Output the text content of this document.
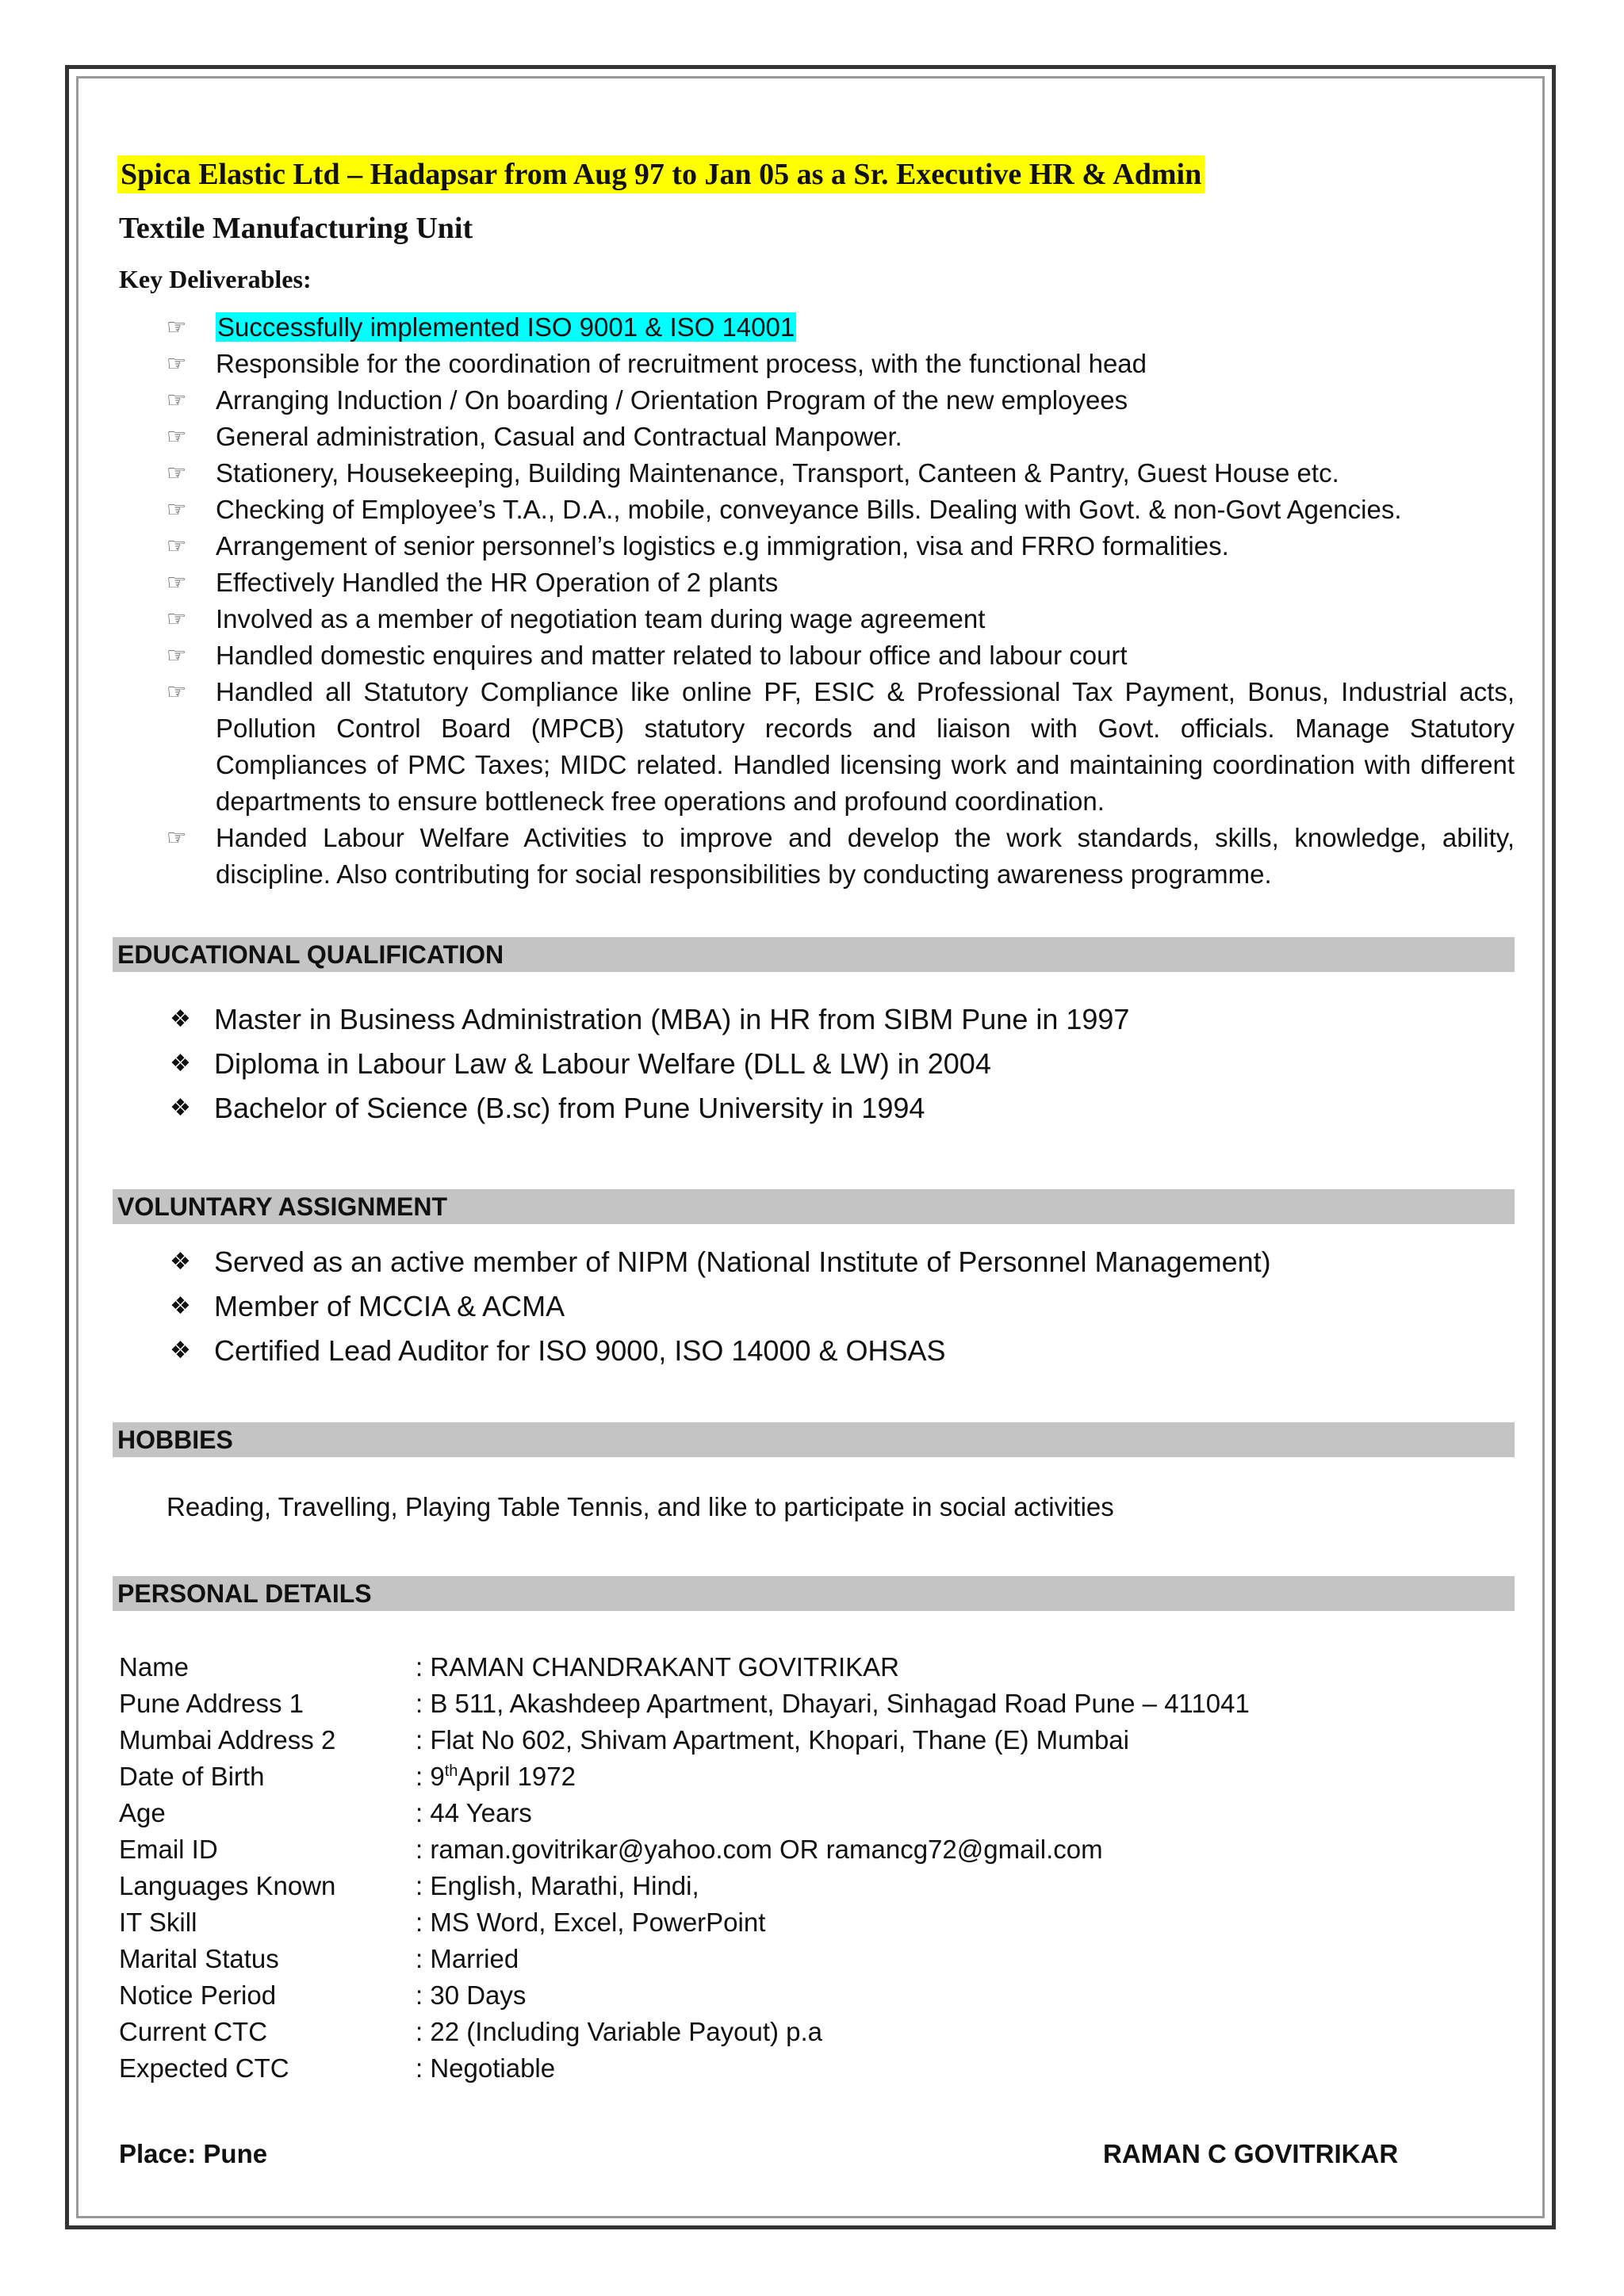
Spica Elastic Ltd – Hadapsar from Aug 97 to Jan 05 as a Sr. Executive HR & Admin
Textile Manufacturing Unit
Key Deliverables:
☞ Successfully implemented ISO 9001 & ISO 14001
☞ Responsible for the coordination of recruitment process, with the functional head
☞ Arranging Induction / On boarding / Orientation Program of the new employees
☞ General administration, Casual and Contractual Manpower.
☞ Stationery, Housekeeping, Building Maintenance, Transport, Canteen & Pantry, Guest House etc.
☞ Checking of Employee’s T.A., D.A., mobile, conveyance Bills. Dealing with Govt. & non-Govt Agencies.
☞ Arrangement of senior personnel’s logistics e.g immigration, visa and FRRO formalities.
☞ Effectively Handled the HR Operation of 2 plants
☞ Involved as a member of negotiation team during wage agreement
☞ Handled domestic enquires and matter related to labour office and labour court
☞ Handled all Statutory Compliance like online PF, ESIC & Professional Tax Payment, Bonus, Industrial acts, Pollution Control Board (MPCB) statutory records and liaison with Govt. officials. Manage Statutory Compliances of PMC Taxes; MIDC related. Handled licensing work and maintaining coordination with different departments to ensure bottleneck free operations and profound coordination.
☞ Handed Labour Welfare Activities to improve and develop the work standards, skills, knowledge, ability, discipline. Also contributing for social responsibilities by conducting awareness programme.
EDUCATIONAL QUALIFICATION
❖ Master in Business Administration (MBA) in HR from SIBM Pune in 1997
❖ Diploma in Labour Law & Labour Welfare (DLL & LW) in 2004
❖ Bachelor of Science (B.sc) from Pune University in 1994
VOLUNTARY ASSIGNMENT
❖ Served as an active member of NIPM (National Institute of Personnel Management)
❖ Member of MCCIA & ACMA
❖ Certified Lead Auditor for ISO 9000, ISO 14000 & OHSAS
HOBBIES
Reading, Travelling, Playing Table Tennis, and like to participate in social activities
PERSONAL DETAILS
Name	: RAMAN CHANDRAKANT GOVITRIKAR
Pune Address 1	: B 511, Akashdeep Apartment, Dhayari, Sinhagad Road Pune – 411041
Mumbai Address 2	: Flat No 602, Shivam Apartment, Khopari, Thane (E) Mumbai
Date of Birth	: 9thApril 1972
Age	: 44 Years
Email ID	: raman.govitrikar@yahoo.com OR ramancg72@gmail.com
Languages Known	: English, Marathi, Hindi,
IT Skill	: MS Word, Excel, PowerPoint
Marital Status	: Married
Notice Period	: 30 Days
Current CTC	: 22 (Including Variable Payout) p.a
Expected CTC	: Negotiable
Place: Pune	RAMAN C GOVITRIKAR
